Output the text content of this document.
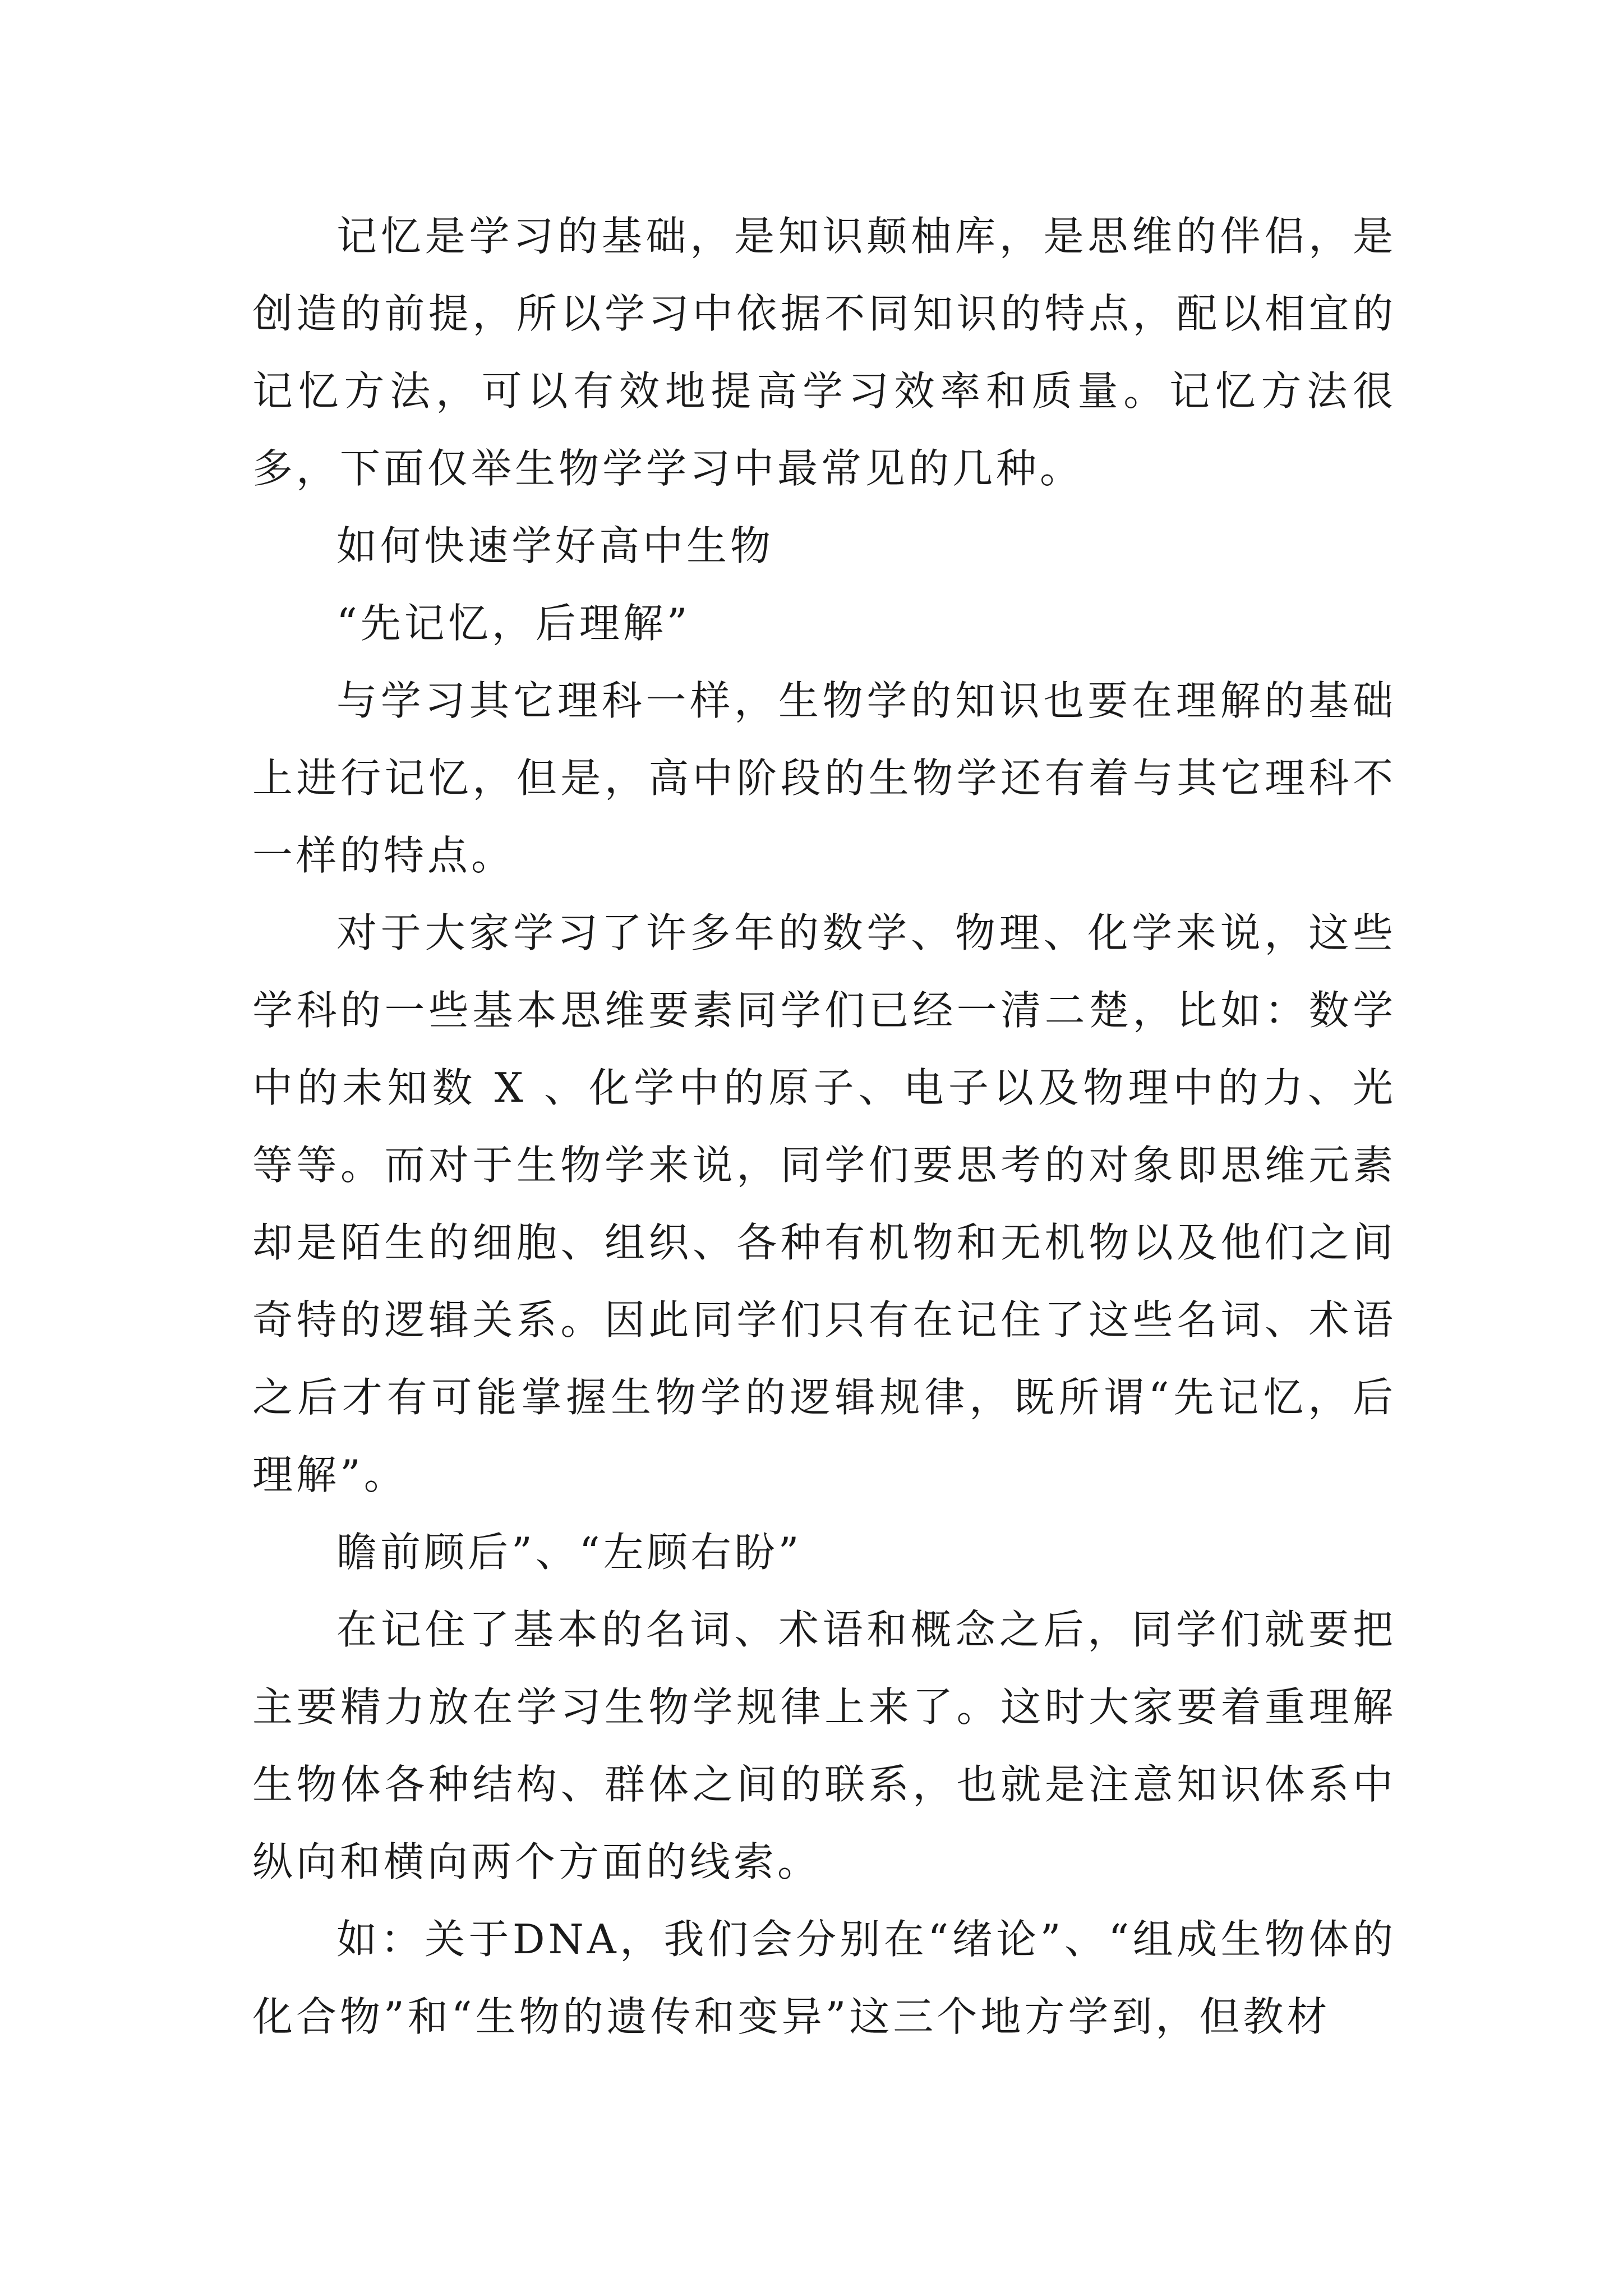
记忆是学习的基础，是知识颠柚库，是思维的伴侣，是创造的前提，所以学习中依据不同知识的特点，配以相宜的记忆方法，可以有效地提高学习效率和质量。记忆方法很多，下面仅举生物学学习中最常见的几种。

如何快速学好高中生物

“先记忆，后理解”

与学习其它理科一样，生物学的知识也要在理解的基础上进行记忆，但是，高中阶段的生物学还有着与其它理科不一样的特点。

对于大家学习了许多年的数学、物理、化学来说，这些学科的一些基本思维要素同学们已经一清二楚，比如：数学中的未知数 X 、化学中的原子、电子以及物理中的力、光等等。而对于生物学来说，同学们要思考的对象即思维元素却是陌生的细胞、组织、各种有机物和无机物以及他们之间奇特的逻辑关系。因此同学们只有在记住了这些名词、术语之后才有可能掌握生物学的逻辑规律，既所谓“先记忆，后理解”。

瞻前顾后”、“左顾右盼”

在记住了基本的名词、术语和概念之后，同学们就要把主要精力放在学习生物学规律上来了。这时大家要着重理解生物体各种结构、群体之间的联系，也就是注意知识体系中纵向和横向两个方面的线索。

如：关于DNA，我们会分别在“绪论”、“组成生物体的化合物”和“生物的遗传和变异”这三个地方学到，但教材
